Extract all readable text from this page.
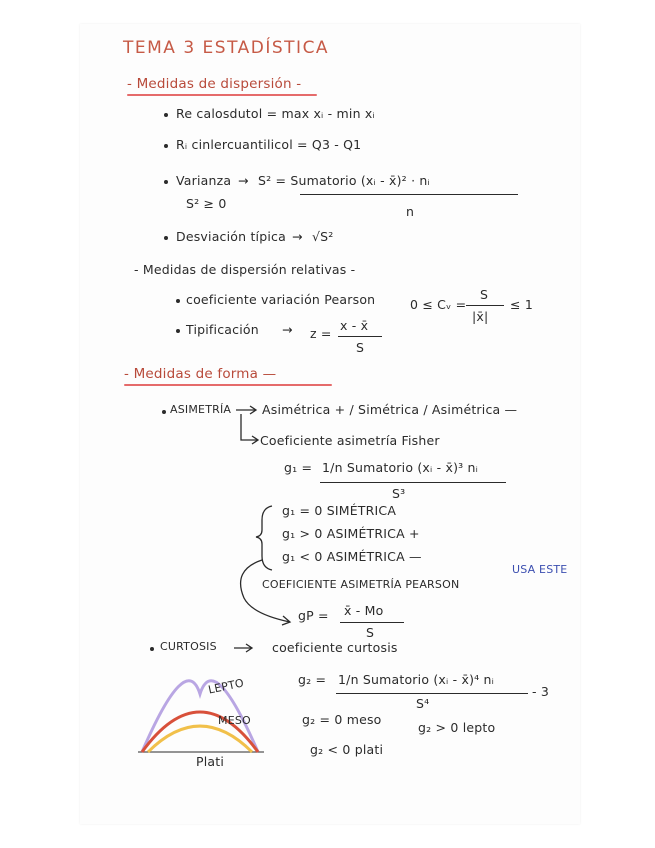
TEMA 3 ESTADÍSTICA
- Medidas de dispersión -
Re calosdutol = max xᵢ - min xᵢ
Rᵢ cinlercuantilicol = Q3 - Q1
Varianza → S² = Sumatorio (xᵢ - x̄)² · nᵢ
n
S² ≥ 0
Desviación típica → √S²
- Medidas de dispersión relativas -
coeficiente variación Pearson	0 ≤ Cᵥ =
S
|x̄|
≤ 1
Tipificación → z =
x - x̄
S
- Medidas de forma —
ASIMETRÍA Asimétrica + / Simétrica / Asimétrica —
Coeficiente asimetría Fisher
g₁ = 1/n Sumatorio (xᵢ - x̄)³ nᵢ
S³
g₁ = 0 SIMÉTRICA
g₁ > 0 ASIMÉTRICA +
g₁ < 0 ASIMÉTRICA —
USA ESTE
COEFICIENTE ASIMETRÍA PEARSON
gP = x̄ - Mo
S
CURTOSIS	coeficiente curtosis
g₂ = 1/n Sumatorio (xᵢ - x̄)⁴ nᵢ
S⁴
- 3
g₂ = 0 meso
g₂ > 0 lepto
g₂ < 0 plati
LEPTO
MESO
Plati
